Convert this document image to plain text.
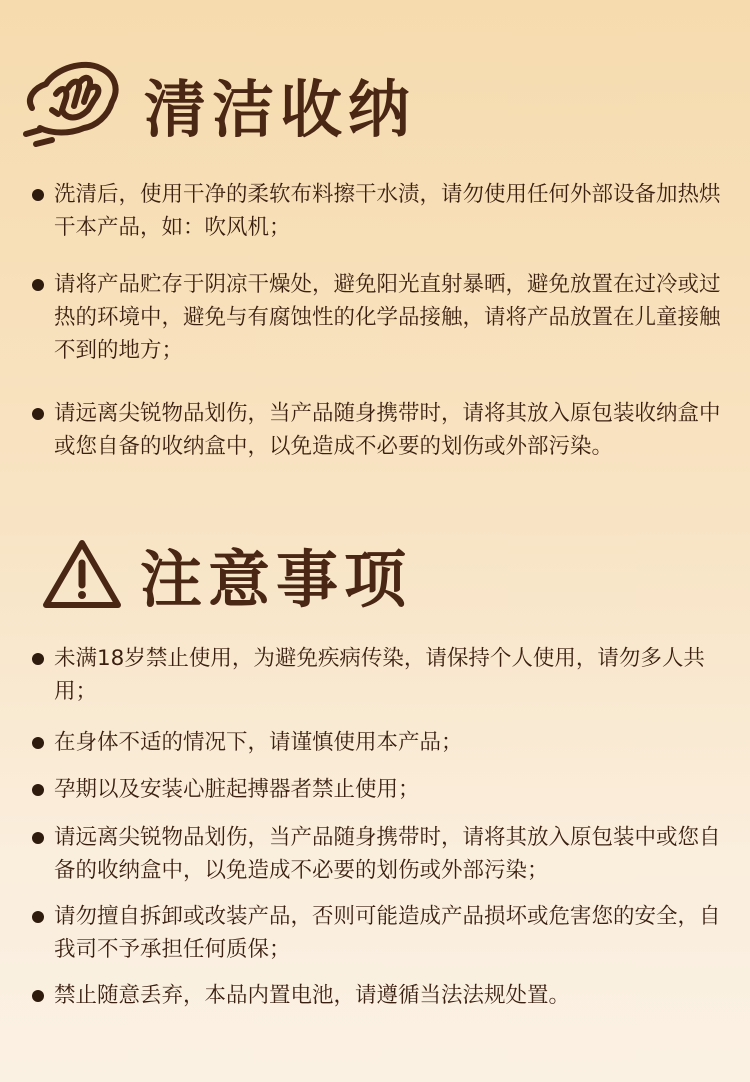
清洁收纳
洗清后，使用干净的柔软布料擦干水渍，请勿使用任何外部设备加热烘干本产品，如：吹风机；
请将产品贮存于阴凉干燥处，避免阳光直射暴晒，避免放置在过冷或过热的环境中，避免与有腐蚀性的化学品接触，请将产品放置在儿童接触不到的地方；
请远离尖锐物品划伤，当产品随身携带时，请将其放入原包装收纳盒中或您自备的收纳盒中，以免造成不必要的划伤或外部污染。
注意事项
未满18岁禁止使用，为避免疾病传染，请保持个人使用，请勿多人共用；
在身体不适的情况下，请谨慎使用本产品；
孕期以及安装心脏起搏器者禁止使用；
请远离尖锐物品划伤，当产品随身携带时，请将其放入原包装中或您自备的收纳盒中，以免造成不必要的划伤或外部污染；
请勿擅自拆卸或改装产品，否则可能造成产品损坏或危害您的安全，自我司不予承担任何质保；
禁止随意丢弃，本品内置电池，请遵循当法法规处置。
